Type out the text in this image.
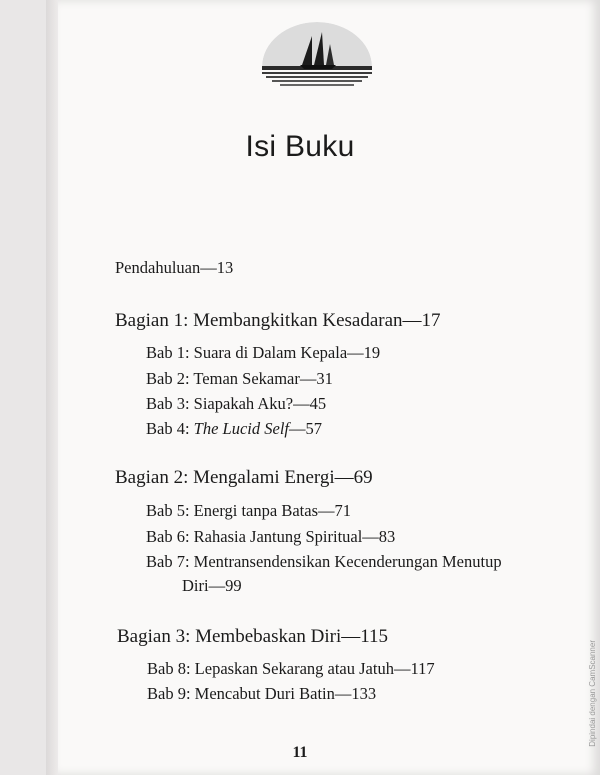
Isi Buku
Pendahuluan—13
Bagian 1: Membangkitkan Kesadaran—17
Bab 1: Suara di Dalam Kepala—19
Bab 2: Teman Sekamar—31
Bab 3: Siapakah Aku?—45
Bab 4: The Lucid Self—57
Bagian 2: Mengalami Energi—69
Bab 5: Energi tanpa Batas—71
Bab 6: Rahasia Jantung Spiritual—83
Bab 7: Mentransendensikan Kecenderungan Menutup
Diri—99
Bagian 3: Membebaskan Diri—115
Bab 8: Lepaskan Sekarang atau Jatuh—117
Bab 9: Mencabut Duri Batin—133
11
Dipindai dengan CamScanner
